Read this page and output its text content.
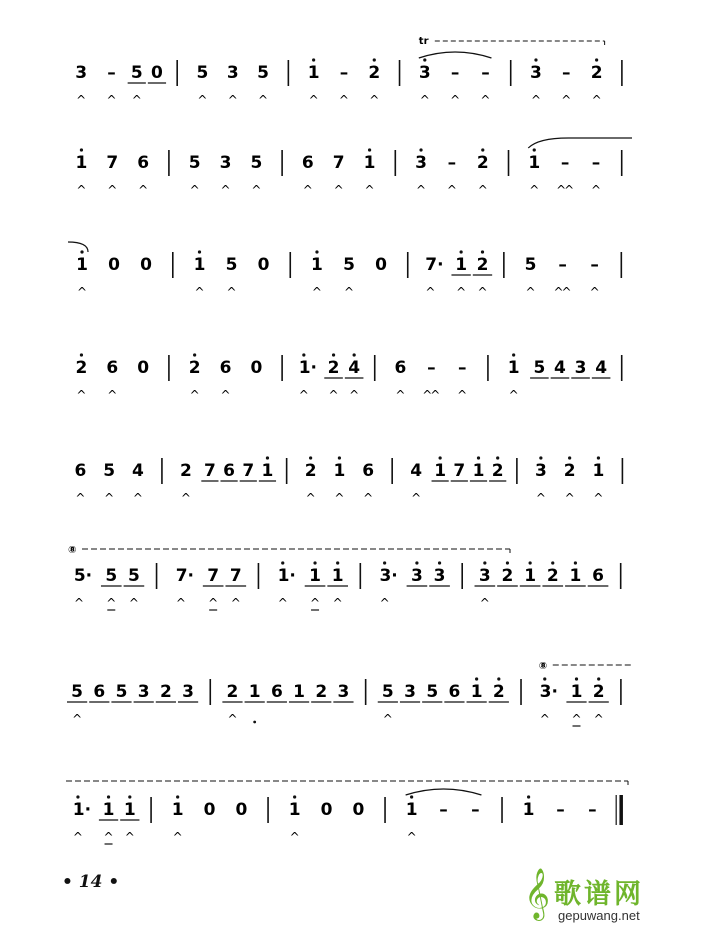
3
^
–
^
5
^
0 5
^
3
^
5
^
1
^
–
^
2
^
3
^
–
^
–
^
3
^
–
^
2
^
tr
1
^
7
^
6
^
5
^
3
^
5
^
6
^
7
^
1
^
3
^
–
^
2
^
1
^
–
^
^
–
^
1
^
0 0 1
^
5
^
0 1
^
5
^
0 7·
^
1
^
2
^
5
^
–
^
^
–
^
2
^
6
^
0 2
^
6
^
0 1·
^
2
^
4
^
6
^
–
^
^
–
^
1
^
5 4 3 4
6
^
5
^
4
^
2
^
7 6 7 1 2
^
1
^
6
^
4
^
1 7 1 2 3
^
2
^
1
^
5·
^
5
^
5
^
7·
^
7
^
7
^
1·
^
1
^
1
^
3·
^
3 3 3
^
2 1 2 1 6
⑧
5
^
6 5 3 2 3 2
^
1 6 1 2 3 5
^
3 5 6 1 2 3·
^
1
^
2
^
⑧
1·
^
1
^
1
^
1
^
0 0 1
^
0 0 1
^
– –	1 – –
• 14 •	𝄞 歌谱网
gepuwang.net
